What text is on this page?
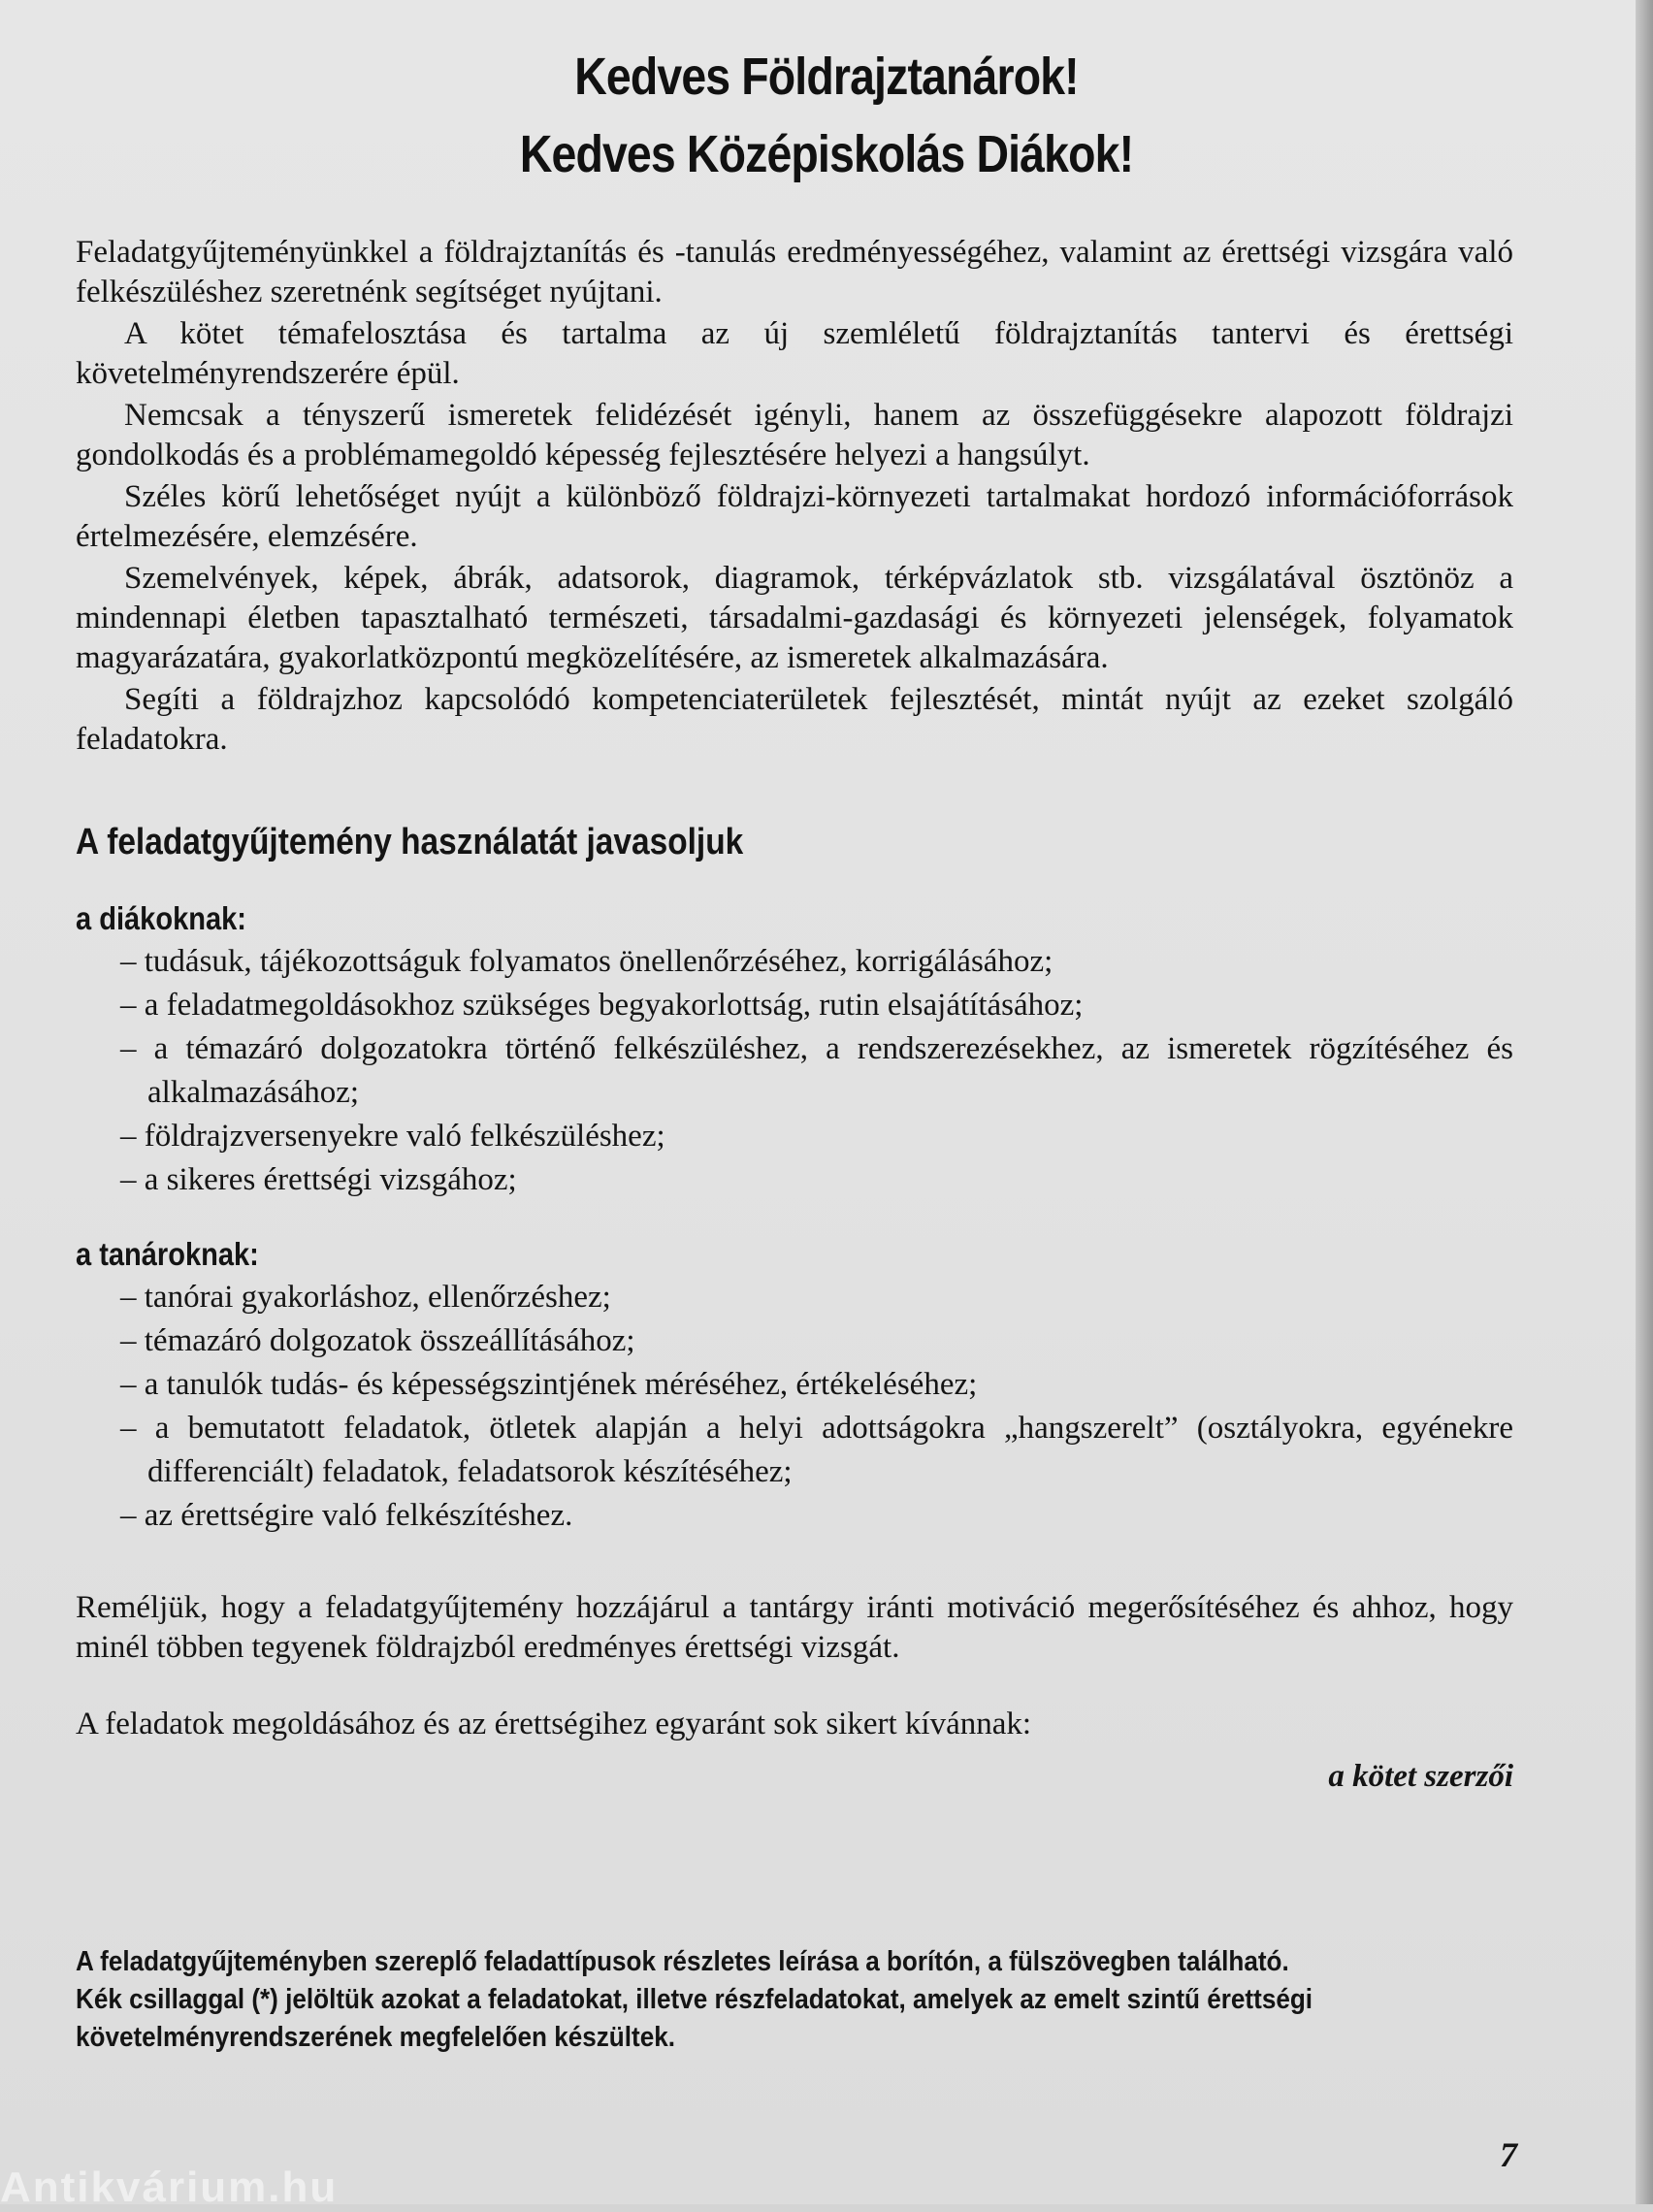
Kedves Földrajztanárok!
Kedves Középiskolás Diákok!

Feladatgyűjteményünkkel a földrajztanítás és -tanulás eredményességéhez, valamint az érettségi vizsgára való felkészüléshez szeretnénk segítséget nyújtani.

A kötet témafelosztása és tartalma az új szemléletű földrajztanítás tantervi és érettségi követelményrendszerére épül.

Nemcsak a tényszerű ismeretek felidézését igényli, hanem az összefüggésekre alapozott földrajzi gondolkodás és a problémamegoldó képesség fejlesztésére helyezi a hangsúlyt.

Széles körű lehetőséget nyújt a különböző földrajzi-környezeti tartalmakat hordozó információforrások értelmezésére, elemzésére.

Szemelvények, képek, ábrák, adatsorok, diagramok, térképvázlatok stb. vizsgálatával ösztönöz a mindennapi életben tapasztalható természeti, társadalmi-gazdasági és környezeti jelenségek, folyamatok magyarázatára, gyakorlatközpontú megközelítésére, az ismeretek alkalmazására.

Segíti a földrajzhoz kapcsolódó kompetenciaterületek fejlesztését, mintát nyújt az ezeket szolgáló feladatokra.

A feladatgyűjtemény használatát javasoljuk
a diákoknak:
– tudásuk, tájékozottságuk folyamatos önellenőrzéséhez, korrigálásához;
– a feladatmegoldásokhoz szükséges begyakorlottság, rutin elsajátításához;
– a témazáró dolgozatokra történő felkészüléshez, a rendszerezésekhez, az ismeretek rögzítéséhez és alkalmazásához;
– földrajzversenyekre való felkészüléshez;
– a sikeres érettségi vizsgához;
a tanároknak:
– tanórai gyakorláshoz, ellenőrzéshez;
– témazáró dolgozatok összeállításához;
– a tanulók tudás- és képességszintjének méréséhez, értékeléséhez;
– a bemutatott feladatok, ötletek alapján a helyi adottságokra „hangszerelt” (osztályokra, egyénekre differenciált) feladatok, feladatsorok készítéséhez;
– az érettségire való felkészítéshez.

Reméljük, hogy a feladatgyűjtemény hozzájárul a tantárgy iránti motiváció megerősítéséhez és ahhoz, hogy minél többen tegyenek földrajzból eredményes érettségi vizsgát.

A feladatok megoldásához és az érettségihez egyaránt sok sikert kívánnak:

a kötet szerzői
A feladatgyűjteményben szereplő feladattípusok részletes leírása a borítón, a fülszövegben található.
Kék csillaggal (*) jelöltük azokat a feladatokat, illetve részfeladatokat, amelyek az emelt szintű érettségi követelményrendszerének megfelelően készültek.
7
Antikvárium.hu
